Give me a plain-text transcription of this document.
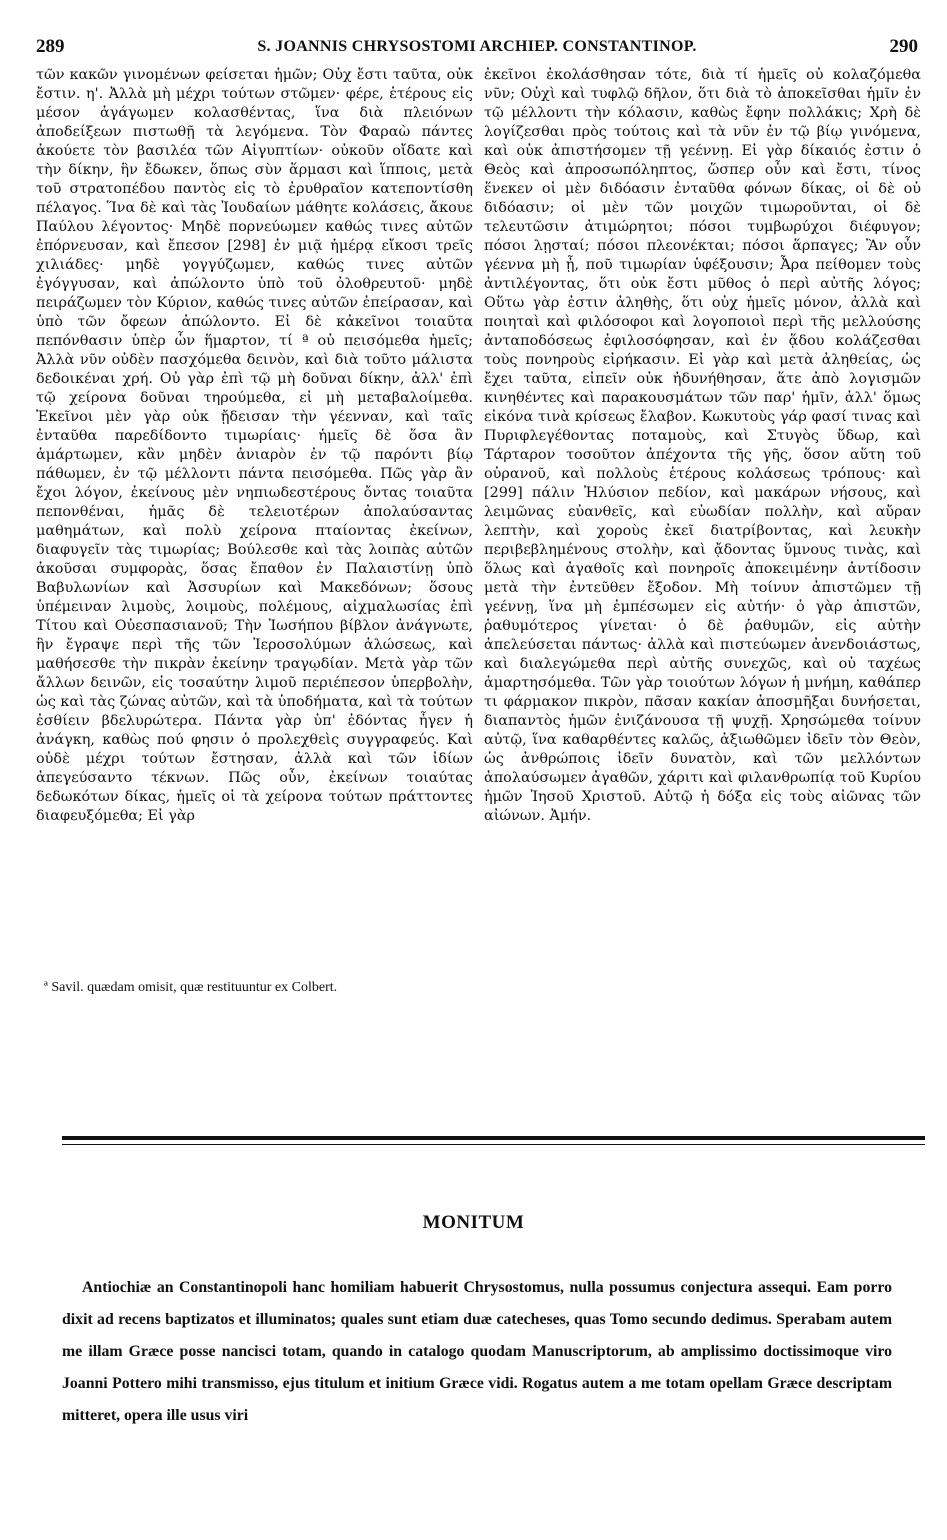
289	S. JOANNIS CHRYSOSTOMI ARCHIEP. CONSTANTINOP.	290

τῶν κακῶν γινομένων φείσεται ἡμῶν; Οὐχ ἔστι ταῦτα, οὐκ ἔστιν. η'. Ἀλλὰ μὴ μέχρι τούτων στῶμεν· φέρε, ἑτέρους εἰς μέσον ἀγάγωμεν κολασθέντας, ἵνα διὰ πλειόνων ἀποδείξεων πιστωθῇ τὰ λεγόμενα. Τὸν Φαραὼ πάντες ἀκούετε τὸν βασιλέα τῶν Αἰγυπτίων· οὐκοῦν οἴδατε καὶ τὴν δίκην, ἣν ἔδωκεν, ὅπως σὺν ἅρμασι καὶ ἵπποις, μετὰ τοῦ στρατοπέδου παντὸς εἰς τὸ ἐρυθραῖον κατεποντίσθη πέλαγος. Ἵνα δὲ καὶ τὰς Ἰουδαίων μάθητε κολάσεις, ἄκουε Παύλου λέγοντος· Μηδὲ πορνεύωμεν καθώς τινες αὐτῶν ἐπόρνευσαν, καὶ ἔπεσον [298] ἐν μιᾷ ἡμέρᾳ εἴκοσι τρεῖς χιλιάδες· μηδὲ γογγύζωμεν, καθώς τινες αὐτῶν ἐγόγγυσαν, καὶ ἀπώλοντο ὑπὸ τοῦ ὀλοθρευτοῦ· μηδὲ πειράζωμεν τὸν Κύριον, καθώς τινες αὐτῶν ἐπείρασαν, καὶ ὑπὸ τῶν ὄφεων ἀπώλοντο. Εἰ δὲ κἀκεῖνοι τοιαῦτα πεπόνθασιν ὑπὲρ ὧν ἥμαρτον, τί ª οὐ πεισόμεθα ἡμεῖς; Ἀλλὰ νῦν οὐδὲν πασχόμεθα δεινὸν, καὶ διὰ τοῦτο μάλιστα δεδοικέναι χρή. Οὐ γὰρ ἐπὶ τῷ μὴ δοῦναι δίκην, ἀλλ' ἐπὶ τῷ χείρονα δοῦναι τηρούμεθα, εἰ μὴ μεταβαλοίμεθα. Ἐκεῖνοι μὲν γὰρ οὐκ ᾔδεισαν τὴν γέενναν, καὶ ταῖς ἐνταῦθα παρεδίδοντο τιμωρίαις· ἡμεῖς δὲ ὅσα ἂν ἁμάρτωμεν, κἂν μηδὲν ἀνιαρὸν ἐν τῷ παρόντι βίῳ πάθωμεν, ἐν τῷ μέλλοντι πάντα πεισόμεθα. Πῶς γὰρ ἂν ἔχοι λόγον, ἐκείνους μὲν νηπιωδεστέρους ὄντας τοιαῦτα πεπονθέναι, ἡμᾶς δὲ τελειοτέρων ἀπολαύσαντας μαθημάτων, καὶ πολὺ χείρονα πταίοντας ἐκείνων, διαφυγεῖν τὰς τιμωρίας; Βούλεσθε καὶ τὰς λοιπὰς αὐτῶν ἀκοῦσαι συμφορὰς, ὅσας ἔπαθον ἐν Παλαιστίνῃ ὑπὸ Βαβυλωνίων καὶ Ἀσσυρίων καὶ Μακεδόνων; ὅσους ὑπέμειναν λιμοὺς, λοιμοὺς, πολέμους, αἰχμαλωσίας ἐπὶ Τίτου καὶ Οὐεσπασιανοῦ; Τὴν Ἰωσήπου βίβλον ἀνάγνωτε, ἣν ἔγραψε περὶ τῆς τῶν Ἱεροσολύμων ἁλώσεως, καὶ μαθήσεσθε τὴν πικρὰν ἐκείνην τραγῳδίαν. Μετὰ γὰρ τῶν ἄλλων δεινῶν, εἰς τοσαύτην λιμοῦ περιέπεσον ὑπερβολὴν, ὡς καὶ τὰς ζώνας αὐτῶν, καὶ τὰ ὑποδήματα, καὶ τὰ τούτων ἐσθίειν βδελυρώτερα. Πάντα γὰρ ὑπ' ἐδόντας ἦγεν ἡ ἀνάγκη, καθὼς πού φησιν ὁ προλεχθεὶς συγγραφεύς. Καὶ οὐδὲ μέχρι τούτων ἔστησαν, ἀλλὰ καὶ τῶν ἰδίων ἀπεγεύσαντο τέκνων. Πῶς οὖν, ἐκείνων τοιαύτας δεδωκότων δίκας, ἡμεῖς οἱ τὰ χείρονα τούτων πράττοντες διαφευξόμεθα; Εἰ γὰρ

ἐκεῖνοι ἐκολάσθησαν τότε, διὰ τί ἡμεῖς οὐ κολαζόμεθα νῦν; Οὐχὶ καὶ τυφλῷ δῆλον, ὅτι διὰ τὸ ἀποκεῖσθαι ἡμῖν ἐν τῷ μέλλοντι τὴν κόλασιν, καθὼς ἔφην πολλάκις; Χρὴ δὲ λογίζεσθαι πρὸς τούτοις καὶ τὰ νῦν ἐν τῷ βίῳ γινόμενα, καὶ οὐκ ἀπιστήσομεν τῇ γεέννῃ. Εἰ γὰρ δίκαιός ἐστιν ὁ Θεὸς καὶ ἀπροσωπόληπτος, ὥσπερ οὖν καὶ ἔστι, τίνος ἕνεκεν οἱ μὲν διδόασιν ἐνταῦθα φόνων δίκας, οἱ δὲ οὐ διδόασιν; οἱ μὲν τῶν μοιχῶν τιμωροῦνται, οἱ δὲ τελευτῶσιν ἀτιμώρητοι; πόσοι τυμβωρύχοι διέφυγον; πόσοι λῃσταί; πόσοι πλεονέκται; πόσοι ἅρπαγες; Ἂν οὖν γέεννα μὴ ᾖ, ποῦ τιμωρίαν ὑφέξουσιν; Ἆρα πείθομεν τοὺς ἀντιλέγοντας, ὅτι οὐκ ἔστι μῦθος ὁ περὶ αὐτῆς λόγος; Οὕτω γὰρ ἐστιν ἀληθὴς, ὅτι οὐχ ἡμεῖς μόνον, ἀλλὰ καὶ ποιηταὶ καὶ φιλόσοφοι καὶ λογοποιοὶ περὶ τῆς μελλούσης ἀνταποδόσεως ἐφιλοσόφησαν, καὶ ἐν ᾅδου κολάζεσθαι τοὺς πονηροὺς εἰρήκασιν. Εἰ γὰρ καὶ μετὰ ἀληθείας, ὡς ἔχει ταῦτα, εἰπεῖν οὐκ ἠδυνήθησαν, ἅτε ἀπὸ λογισμῶν κινηθέντες καὶ παρακουσμάτων τῶν παρ' ἡμῖν, ἀλλ' ὅμως εἰκόνα τινὰ κρίσεως ἔλαβον. Κωκυτοὺς γάρ φασί τινας καὶ Πυριφλεγέθοντας ποταμοὺς, καὶ Στυγὸς ὕδωρ, καὶ Τάρταρον τοσοῦτον ἀπέχοντα τῆς γῆς, ὅσον αὕτη τοῦ οὐρανοῦ, καὶ πολλοὺς ἑτέρους κολάσεως τρόπους· καὶ [299] πάλιν Ἠλύσιον πεδίον, καὶ μακάρων νήσους, καὶ λειμῶνας εὐανθεῖς, καὶ εὐωδίαν πολλὴν, καὶ αὔραν λεπτὴν, καὶ χοροὺς ἐκεῖ διατρίβοντας, καὶ λευκὴν περιβεβλημένους στολὴν, καὶ ᾄδοντας ὕμνους τινὰς, καὶ ὅλως καὶ ἀγαθοῖς καὶ πονηροῖς ἀποκειμένην ἀντίδοσιν μετὰ τὴν ἐντεῦθεν ἔξοδον. Μὴ τοίνυν ἀπιστῶμεν τῇ γεέννῃ, ἵνα μὴ ἐμπέσωμεν εἰς αὐτήν· ὁ γὰρ ἀπιστῶν, ῥαθυμότερος γίνεται· ὁ δὲ ῥαθυμῶν, εἰς αὐτὴν ἀπελεύσεται πάντως· ἀλλὰ καὶ πιστεύωμεν ἀνενδοιάστως, καὶ διαλεγώμεθα περὶ αὐτῆς συνεχῶς, καὶ οὐ ταχέως ἁμαρτησόμεθα. Τῶν γὰρ τοιούτων λόγων ἡ μνήμη, καθάπερ τι φάρμακον πικρὸν, πᾶσαν κακίαν ἀποσμῆξαι δυνήσεται, διαπαντὸς ἡμῶν ἐνιζάνουσα τῇ ψυχῇ. Χρησώμεθα τοίνυν αὐτῷ, ἵνα καθαρθέντες καλῶς, ἀξιωθῶμεν ἰδεῖν τὸν Θεὸν, ὡς ἀνθρώποις ἰδεῖν δυνατὸν, καὶ τῶν μελλόντων ἀπολαύσωμεν ἀγαθῶν, χάριτι καὶ φιλανθρωπίᾳ τοῦ Κυρίου ἡμῶν Ἰησοῦ Χριστοῦ. Αὐτῷ ἡ δόξα εἰς τοὺς αἰῶνας τῶν αἰώνων. Ἀμήν.

ª Savil. quædam omisit, quæ restituuntur ex Colbert.
MONITUM
Antiochiæ an Constantinopoli hanc homiliam habuerit Chrysostomus, nulla possumus conjectura assequi. Eam porro dixit ad recens baptizatos et illuminatos; quales sunt etiam duæ catecheses, quas Tomo secundo dedimus. Sperabam autem me illam Græce posse nancisci totam, quando in catalogo quodam Manuscriptorum, ab amplissimo doctissimoque viro Joanni Pottero mihi transmisso, ejus titulum et initium Græce vidi. Rogatus autem a me totam opellam Græce descriptam mitteret, opera ille usus viri
